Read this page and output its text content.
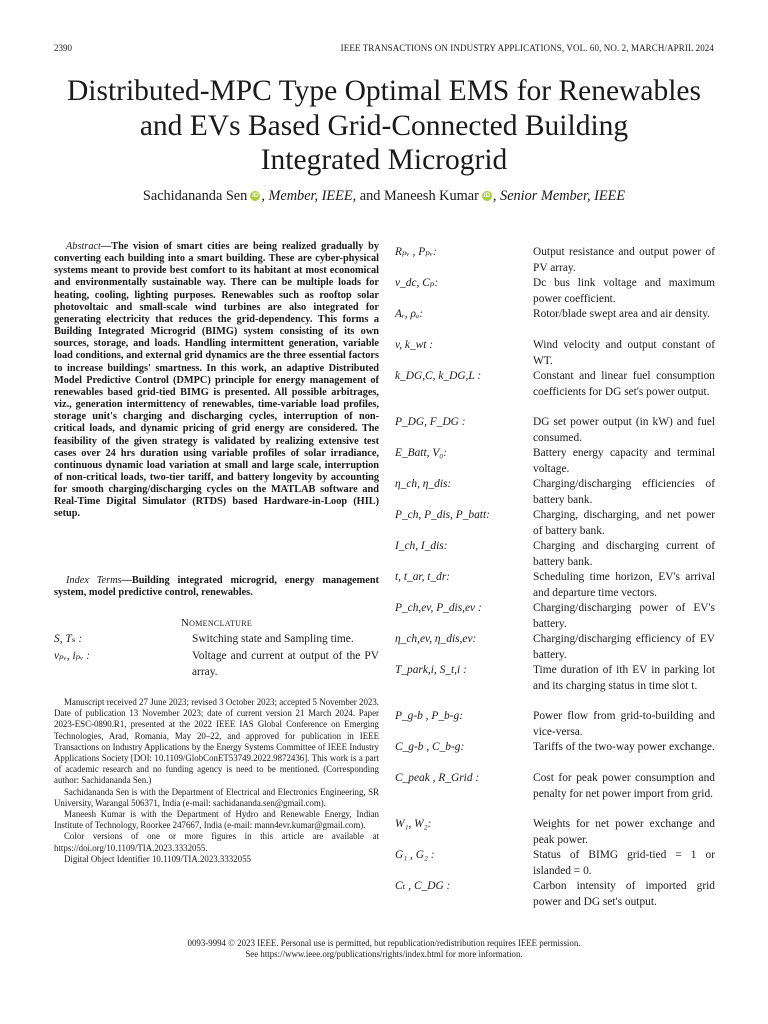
2390	IEEE TRANSACTIONS ON INDUSTRY APPLICATIONS, VOL. 60, NO. 2, MARCH/APRIL 2024
Distributed-MPC Type Optimal EMS for Renewables
and EVs Based Grid-Connected Building
Integrated Microgrid
Sachidananda Sen iD , Member, IEEE, and Maneesh Kumar iD , Senior Member, IEEE
Abstract—The vision of smart cities are being realized gradually by converting each building into a smart building. These are cyber-physical systems meant to provide best comfort to its habitant at most economical and environmentally sustainable way. There can be multiple loads for heating, cooling, lighting purposes. Renewables such as rooftop solar photovoltaic and small-scale wind turbines are also integrated for generating electricity that reduces the grid-dependency. This forms a Building Integrated Microgrid (BIMG) system consisting of its own sources, storage, and loads. Handling intermittent generation, variable load conditions, and external grid dynamics are the three essential factors to increase buildings' smartness. In this work, an adaptive Distributed Model Predictive Control (DMPC) principle for energy management of renewables based grid-tied BIMG is presented. All possible arbitrages, viz., generation intermittency of renewables, time-variable load profiles, storage unit's charging and discharging cycles, interruption of non-critical loads, and dynamic pricing of grid energy are considered. The feasibility of the given strategy is validated by realizing extensive test cases over 24 hrs duration using variable profiles of solar irradiance, continuous dynamic load variation at small and large scale, interruption of non-critical loads, two-tier tariff, and battery longevity by accounting for smooth charging/discharging cycles on the MATLAB software and Real-Time Digital Simulator (RTDS) based Hardware-in-Loop (HIL) setup.
Index Terms—Building integrated microgrid, energy management system, model predictive control, renewables.
Nomenclature
S, Tₛ :	Switching state and Sampling time.
vₚᵥ, iₚᵥ :	Voltage and current at output of the PV array.
Rₚᵥ , Pₚᵥ:	Output resistance and output power of PV array.
v_dc, Cₚ:	Dc bus link voltage and maximum power coefficient.
Aᵣ, ρₐ:	Rotor/blade swept area and air density.
v, k_wt :	Wind velocity and output constant of WT.
k_DG,C, k_DG,L :	Constant and linear fuel consumption coefficients for DG set's power output.
P_DG, F_DG :	DG set power output (in kW) and fuel consumed.
E_Batt, V₀:	Battery energy capacity and terminal voltage.
η_ch, η_dis:	Charging/discharging efficiencies of battery bank.
P_ch, P_dis, P_batt:	Charging, discharging, and net power of battery bank.
I_ch, I_dis:	Charging and discharging current of battery bank.
t, t_ar, t_dr:	Scheduling time horizon, EV's arrival and departure time vectors.
P_ch,ev, P_dis,ev :	Charging/discharging power of EV's battery.
η_ch,ev, η_dis,ev:	Charging/discharging efficiency of EV battery.
T_park,i, S_t,i :	Time duration of ith EV in parking lot and its charging status in time slot t.
P_g-b , P_b-g:	Power flow from grid-to-building and vice-versa.
C_g-b , C_b-g:	Tariffs of the two-way power exchange.
C_peak , R_Grid :	Cost for peak power consumption and penalty for net power import from grid.
W₁, W₂:	Weights for net power exchange and peak power.
G₁ , G₂ :	Status of BIMG grid-tied = 1 or islanded = 0.
Cₜ , C_DG :	Carbon intensity of imported grid power and DG set's output.

Manuscript received 27 June 2023; revised 3 October 2023; accepted 5 November 2023. Date of publication 13 November 2023; date of current version 21 March 2024. Paper 2023-ESC-0890.R1, presented at the 2022 IEEE IAS Global Conference on Emerging Technologies, Arad, Romania, May 20–22, and approved for publication in IEEE Transactions on Industry Applications by the Energy Systems Committee of IEEE Industry Applications Society [DOI: 10.1109/GlobConET53749.2022.9872436]. This work is a part of academic research and no funding agency is need to be mentioned. (Corresponding author: Sachidananda Sen.)

Sachidananda Sen is with the Department of Electrical and Electronics Engineering, SR University, Warangal 506371, India (e-mail: sachidananda.sen@gmail.com).

Maneesh Kumar is with the Department of Hydro and Renewable Energy, Indian Institute of Technology, Roorkee 247667, India (e-mail: mann4evr.kumar@gmail.com).

Color versions of one or more figures in this article are available at https://doi.org/10.1109/TIA.2023.3332055.

Digital Object Identifier 10.1109/TIA.2023.3332055

0093-9994 © 2023 IEEE. Personal use is permitted, but republication/redistribution requires IEEE permission.
See https://www.ieee.org/publications/rights/index.html for more information.
